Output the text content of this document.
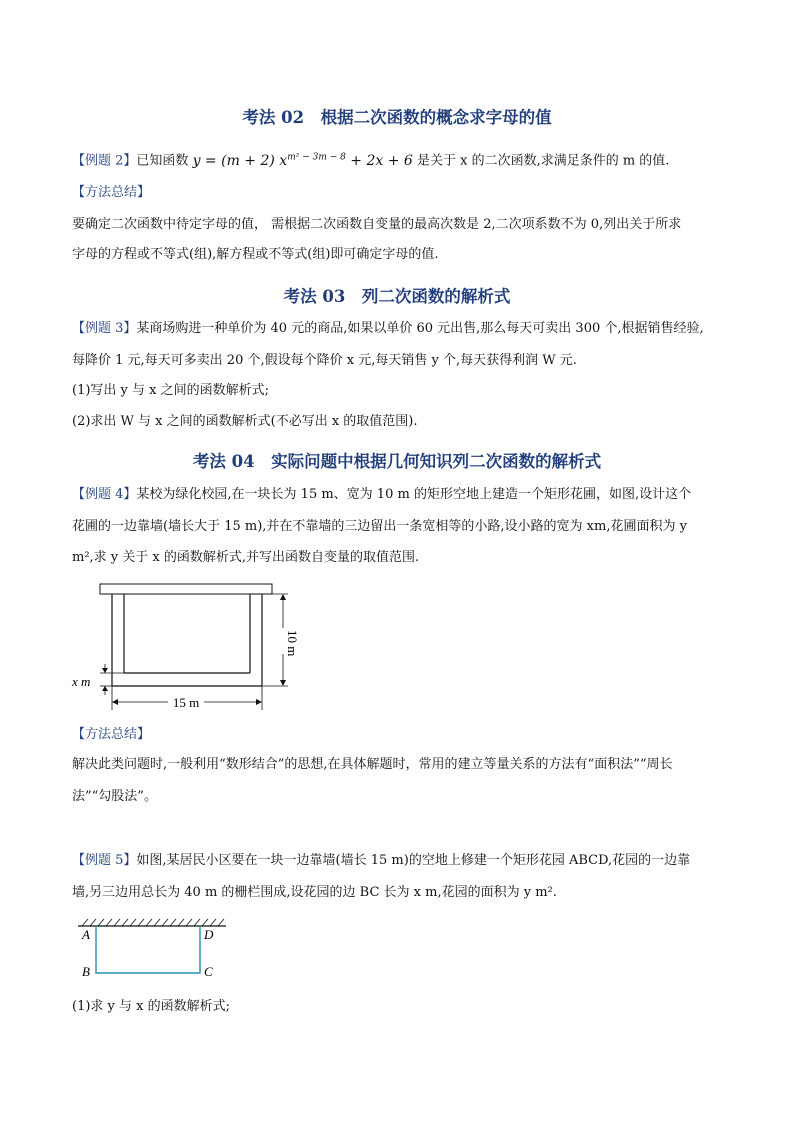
考法 02　根据二次函数的概念求字母的值
【例题 2】已知函数 y = (m + 2) $x^{m^2 - 3m - 8} + 2x + 6$ 是关于 x 的二次函数,求满足条件的 m 的值.
【方法总结】
要确定二次函数中待定字母的值， 需根据二次函数自变量的最高次数是 2,二次项系数不为 0,列出关于所求
字母的方程或不等式(组),解方程或不等式(组)即可确定字母的值.
考法 03　列二次函数的解析式
【例题 3】某商场购进一种单价为 40 元的商品,如果以单价 60 元出售,那么每天可卖出 300 个,根据销售经验,
每降价 1 元,每天可多卖出 20 个,假设每个降价 x 元,每天销售 y 个,每天获得利润 W 元.
(1)写出 y 与 x 之间的函数解析式;
(2)求出 W 与 x 之间的函数解析式(不必写出 x 的取值范围).
考法 04　实际问题中根据几何知识列二次函数的解析式
【例题 4】某校为绿化校园,在一块长为 15 m、宽为 10 m 的矩形空地上建造一个矩形花圃，如图,设计这个
花圃的一边靠墙(墙长大于 15 m),并在不靠墙的三边留出一条宽相等的小路,设小路的宽为 xm,花圃面积为 y
m²,求 y 关于 x 的函数解析式,并写出函数自变量的取值范围.
10 m
15 m
x m
【方法总结】
解决此类问题时,一般利用“数形结合”的思想,在具体解题时，常用的建立等量关系的方法有“面积法”“周长
法”“勾股法”。
【例题 5】如图,某居民小区要在一块一边靠墙(墙长 15 m)的空地上修建一个矩形花园 ABCD,花园的一边靠
墙,另三边用总长为 40 m 的栅栏围成,设花园的边 BC 长为 x m,花园的面积为 y m².
A
B	C
D
(1)求 y 与 x 的函数解析式;
